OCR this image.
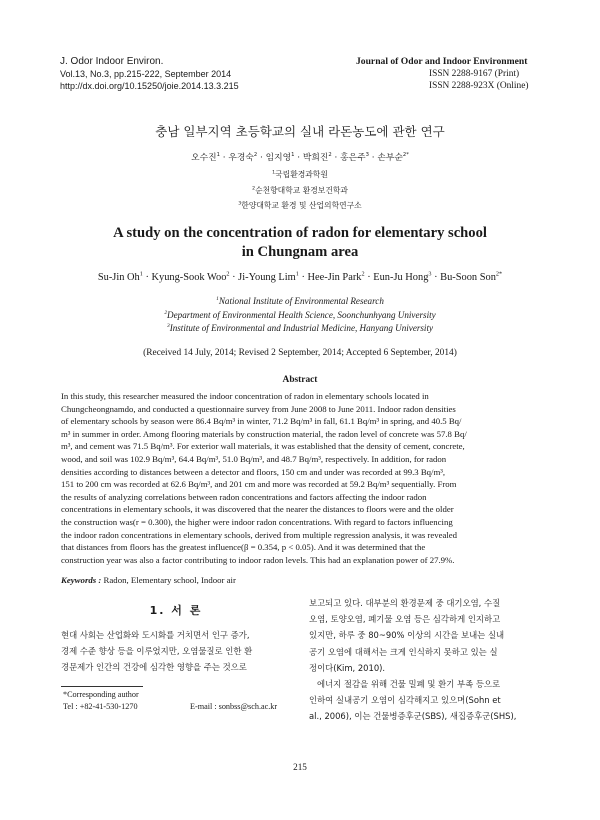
J. Odor Indoor Environ.
Vol.13, No.3, pp.215-222, September 2014
http://dx.doi.org/10.15250/joie.2014.13.3.215
Journal of Odor and Indoor Environment
ISSN 2288-9167 (Print)
ISSN 2288-923X (Online)
충남 일부지역 초등학교의 실내 라돈농도에 관한 연구
오수진$^1$ · 우경숙$^2$ · 임지영$^1$ · 박희진$^2$ · 홍은주$^3$ · 손부순$^{2*}$
$^1$국립환경과학원
$^2$순천향대학교 환경보건학과
$^3$한양대학교 환경 및 산업의학연구소
A study on the concentration of radon for elementary school
in Chungnam area
Su-Jin $Oh^1$ · Kyung-Sook Woo$^2$ · Ji-Young Lim$^1$ · Hee-Jin Park$^2$ · Eun-Ju Hong$^3$ · Bu-Soon Son$^{2*}$
$^1$National Institute of Environmental Research
$^2$Department of Environmental Health Science, Soonchunhyang University
$^3$Institute of Environmental and Industrial Medicine, Hanyang University
(Received 14 July, 2014; Revised 2 September, 2014; Accepted 6 September, 2014)
Abstract
In this study, this researcher measured the indoor concentration of radon in elementary schools located in
Chungcheongnamdo, and conducted a questionnaire survey from June 2008 to June 2011. Indoor radon densities
of elementary schools by season were 86.4 Bq/m³ in winter, 71.2 Bq/m³ in fall, 61.1 Bq/m³ in spring, and 40.5 Bq/
m³ in summer in order. Among flooring materials by construction material, the radon level of concrete was 57.8 Bq/
m³, and cement was 71.5 Bq/m³. For exterior wall materials, it was established that the density of cement, concrete,
wood, and soil was 102.9 Bq/m³, 64.4 Bq/m³, 51.0 Bq/m³, and 48.7 Bq/m³, respectively. In addition, for radon
densities according to distances between a detector and floors, 150 cm and under was recorded at 99.3 Bq/m³,
151 to 200 cm was recorded at 62.6 Bq/m³, and 201 cm and more was recorded at 59.2 Bq/m³ sequentially. From
the results of analyzing correlations between radon concentrations and factors affecting the indoor radon
concentrations in elementary schools, it was discovered that the nearer the distances to floors were and the older
the construction was(r = 0.300), the higher were indoor radon concentrations. With regard to factors influencing
the indoor radon concentrations in elementary schools, derived from multiple regression analysis, it was revealed
that distances from floors has the greatest influence(β = 0.354, p < 0.05). And it was determined that the
construction year was also a factor contributing to indoor radon levels. This had an explanation power of 27.9%.
Keywords : Radon, Elementary school, Indoor air
1. 서 론
현대 사회는 산업화와 도시화를 거치면서 인구 증가,
경제 수준 향상 등을 이루었지만, 오염물질로 인한 환
경문제가 인간의 건강에 심각한 영향을 주는 것으로
보고되고 있다. 대부분의 환경문제 중 대기오염, 수질
오염, 토양오염, 폐기물 오염 등은 심각하게 인지하고
있지만, 하루 중 80~90% 이상의 시간을 보내는 실내
공기 오염에 대해서는 크게 인식하지 못하고 있는 실
정이다(Kim, 2010).
에너지 절감을 위해 건물 밀폐 및 환기 부족 등으로
인하여 실내공기 오염이 심각해지고 있으며(Sohn et
al., 2006), 이는 건물병증후군(SBS), 새집증후군(SHS),
*Corresponding author
Tel : +82-41-530-1270	E-mail : sonbss@sch.ac.kr
215
